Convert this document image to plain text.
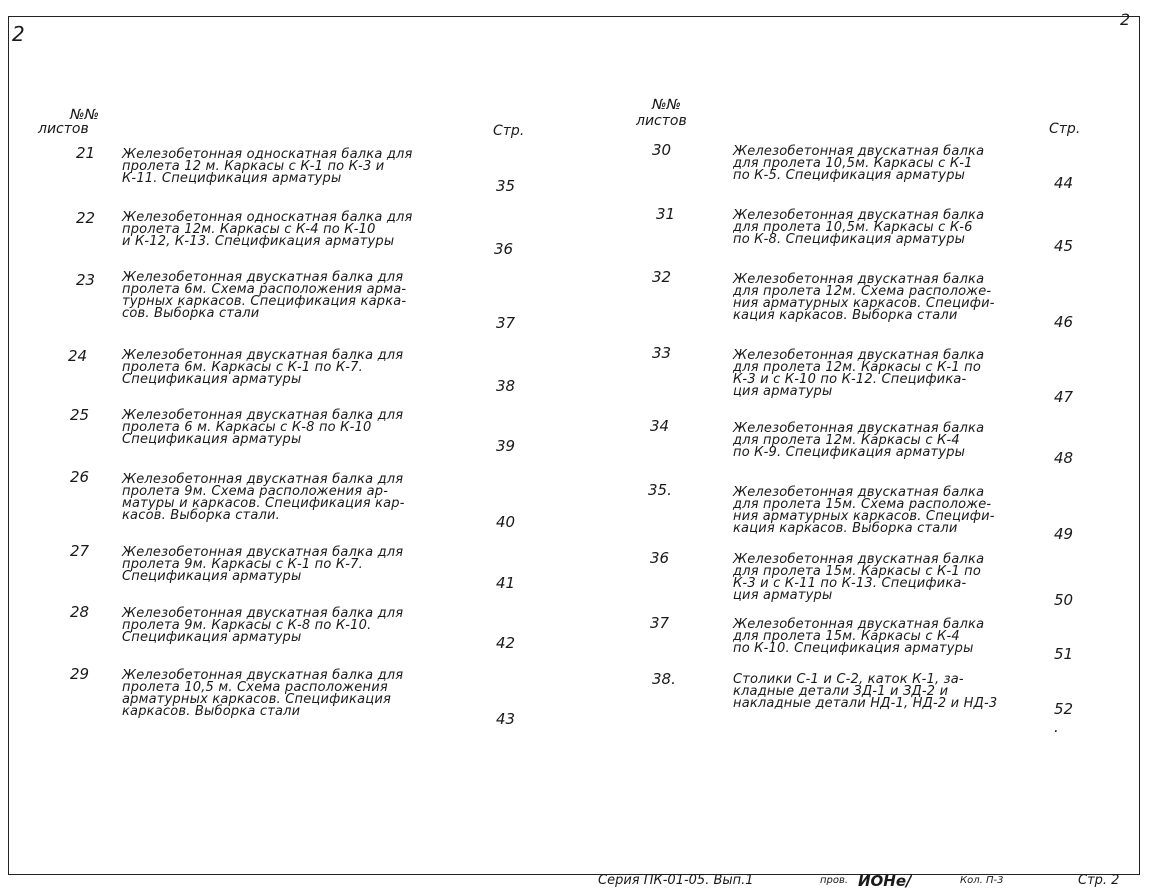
2
2
№№
листов	Стр.
21 Железобетонная односкатная балка для
пролета 12 м. Каркасы с К-1 по К-3 и
К-11. Спецификация арматуры	35
22 Железобетонная односкатная балка для
пролета 12м. Каркасы с К-4 по К-10
и К-12, К-13. Спецификация арматуры	36
23 Железобетонная двускатная балка для
пролета 6м. Схема расположения арма-
турных каркасов. Спецификация карка-
сов. Выборка стали
37
24	Железобетонная двускатная балка для
пролета 6м. Каркасы с К-1 по К-7.
Спецификация арматуры	38
25	Железобетонная двускатная балка для
пролета 6 м. Каркасы с К-8 по К-10
Спецификация арматуры	39
26	Железобетонная двускатная балка для
пролета 9м. Схема расположения ар-
матуры и каркасов. Спецификация кар-
касов. Выборка стали.	40
27	Железобетонная двускатная балка для
пролета 9м. Каркасы с К-1 по К-7.
Спецификация арматуры	41
28	Железобетонная двускатная балка для
пролета 9м. Каркасы с К-8 по К-10.
Спецификация арматуры	42
29	Железобетонная двускатная балка для
пролета 10,5 м. Схема расположения
арматурных каркасов. Спецификация
каркасов. Выборка стали	43
№№
листов	Стр.
30	Железобетонная двускатная балка
для пролета 10,5м. Каркасы с К-1
по К-5. Спецификация арматуры	44
31	Железобетонная двускатная балка
для пролета 10,5м. Каркасы с К-6
по К-8. Спецификация арматуры	45
32	Железобетонная двускатная балка
для пролета 12м. Схема расположе-
ния арматурных каркасов. Специфи-
кация каркасов. Выборка стали	46
33	Железобетонная двускатная балка
для пролета 12м. Каркасы с К-1 по
К-3 и с К-10 по К-12. Спецификa-
ция арматуры	47
34	Железобетонная двускатная балка
для пролета 12м. Каркасы с К-4
по К-9. Спецификация арматуры	48
35.	Железобетонная двускатная балка
для пролета 15м. Схема расположе-
ния арматурных каркасов. Специфи-
кация каркасов. Выборка стали	49
36	Железобетонная двускатная балка
для пролета 15м. Каркасы с К-1 по
К-3 и с К-11 по К-13. Спецификa-
ция арматуры	50
37	Железобетонная двускатная балка
для пролета 15м. Каркасы с К-4
по К-10. Спецификация арматуры	51
38.	Столики С-1 и С-2, каток К-1, за-
кладные детали ЗД-1 и ЗД-2 и
накладные детали НД-1, НД-2 и НД-3	52 .
Серия ПК-01-05. Вып.1	пров. ИОНе/	Кол. П-3	Стр. 2
